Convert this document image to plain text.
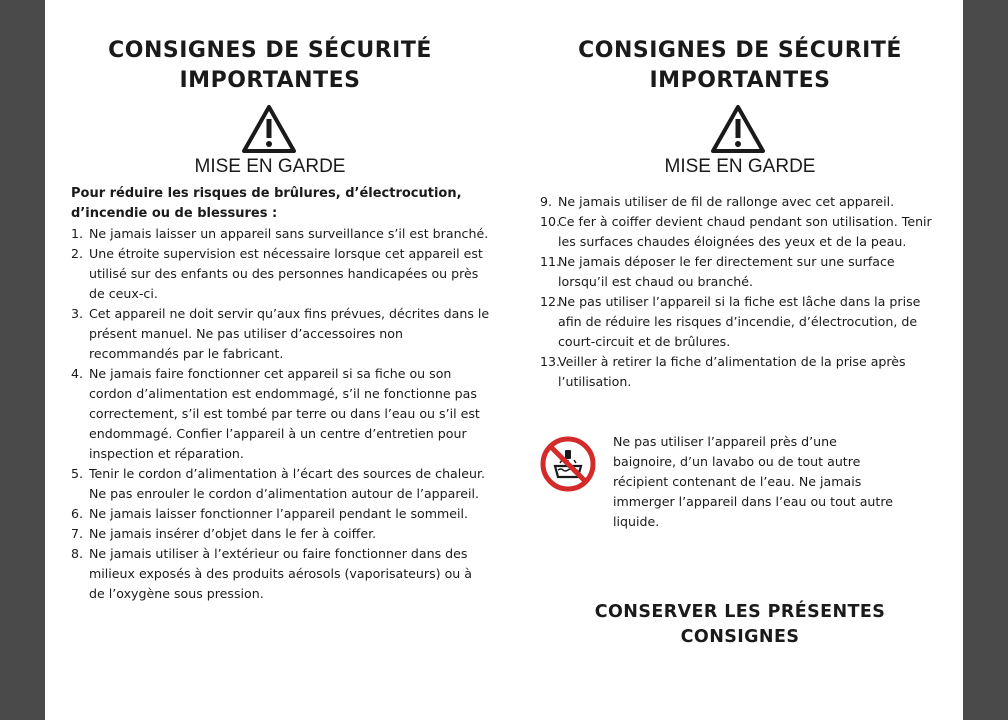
CONSIGNES DE SÉCURITÉ
IMPORTANTES
MISE EN GARDE
Pour réduire les risques de brûlures, d’électrocution, d’incendie ou de blessures :
1. Ne jamais laisser un appareil sans surveillance s’il est branché.
2. Une étroite supervision est nécessaire lorsque cet appareil est utilisé sur des enfants ou des personnes handicapées ou près de ceux-ci.
3. Cet appareil ne doit servir qu’aux fins prévues, décrites dans le présent manuel. Ne pas utiliser d’accessoires non recommandés par le fabricant.
4. Ne jamais faire fonctionner cet appareil si sa fiche ou son cordon d’alimentation est endommagé, s’il ne fonctionne pas correctement, s’il est tombé par terre ou dans l’eau ou s’il est endommagé. Confier l’appareil à un centre d’entretien pour inspection et réparation.
5. Tenir le cordon d’alimentation à l’écart des sources de chaleur. Ne pas enrouler le cordon d’alimentation autour de l’appareil.
6. Ne jamais laisser fonctionner l’appareil pendant le sommeil.
7. Ne jamais insérer d’objet dans le fer à coiffer.
8. Ne jamais utiliser à l’extérieur ou faire fonctionner dans des milieux exposés à des produits aérosols (vaporisateurs) ou à de l’oxygène sous pression.
CONSIGNES DE SÉCURITÉ
IMPORTANTES
MISE EN GARDE
9. Ne jamais utiliser de fil de rallonge avec cet appareil.
10.
Ce fer à coiffer devient chaud pendant son utilisation. Tenir les surfaces chaudes éloignées des yeux et de la peau.
11.
Ne jamais déposer le fer directement sur une surface lorsqu’il est chaud ou branché.
12.
Ne pas utiliser l’appareil si la fiche est lâche dans la prise afin de réduire les risques d’incendie, d’électrocution, de court-circuit et de brûlures.
13.
Veiller à retirer la fiche d’alimentation de la prise après l’utilisation.
Ne pas utiliser l’appareil près d’une baignoire, d’un lavabo ou de tout autre récipient contenant de l’eau. Ne jamais immerger l’appareil dans l’eau ou tout autre liquide.
CONSERVER LES PRÉSENTES
CONSIGNES
